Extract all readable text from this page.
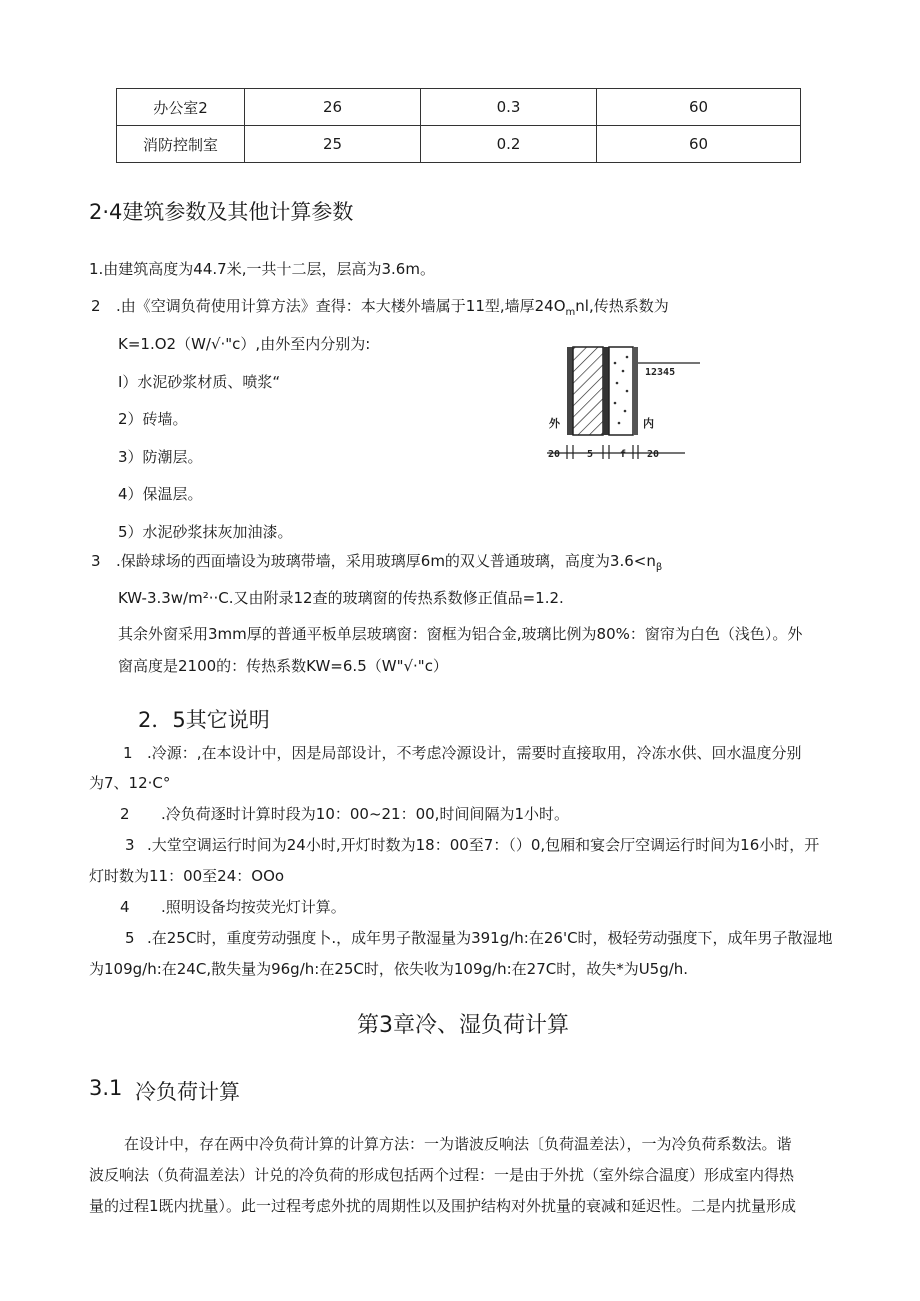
办公室2	26	0.3	60
消防控制室	25	0.2	60
2·4建筑参数及其他计算参数
1.由建筑高度为44.7米,一共十二层，层高为3.6m。
2 .由《空调负荷使用计算方法》查得：本大楼外墙属于11型,墙厚$24O_mnl$,传热系数为
K=1.O2（W/√·"c）,由外至内分别为:
I）水泥砂浆材质、喷浆“
2）砖墙。
3）防潮层。
4）保温层。
5）水泥砂浆抹灰加油漆。
12345
外	内
20	5	f 20
3 .保龄球场的西面墙设为玻璃带墙，采用玻璃厚6m的双乂普通玻璃，高度为$3.6<n_\beta$
KW-3.3w/m²··C.又由附录12查的玻璃窗的传热系数修正值品=1.2.
其余外窗采用3mm厚的普通平板单层玻璃窗：窗框为铝合金,玻璃比例为80%：窗帘为白色（浅色）。外
窗高度是2100的：传热系数KW=6.5（W"√·"c）
2．5其它说明
1 .冷源：,在本设计中，因是局部设计，不考虑冷源设计，需要时直接取用，冷冻水供、回水温度分别
为7、12·C°
2 .冷负荷逐时计算时段为10：00~21：00,时间间隔为1小时。
3 .大堂空调运行时间为24小时,开灯时数为18：00至7：（）0,包厢和宴会厅空调运行时间为16小时，开
灯时数为11：00至24：OOo
4 .照明设备均按荧光灯计算。
5 .在25C时，重度劳动强度卜.，成年男子散湿量为391g/h:在26'C时，极轻劳动强度下，成年男子散湿地
为109g/h:在24C,散失量为96g/h:在25C时，依失收为109g/h:在27C时，故失*为U5g/h.
第3章冷、湿负荷计算
3.1 冷负荷计算
在设计中，存在两中冷负荷计算的计算方法：一为谐波反响法〔负荷温差法），一为冷负荷系数法。谐
波反响法（负荷温差法）计兑的冷负荷的形成包括两个过程：一是由于外扰（室外综合温度）形成室内得热
量的过程1既内扰量）。此一过程考虑外扰的周期性以及围护结构对外扰量的衰减和延迟性。二是内扰量形成
